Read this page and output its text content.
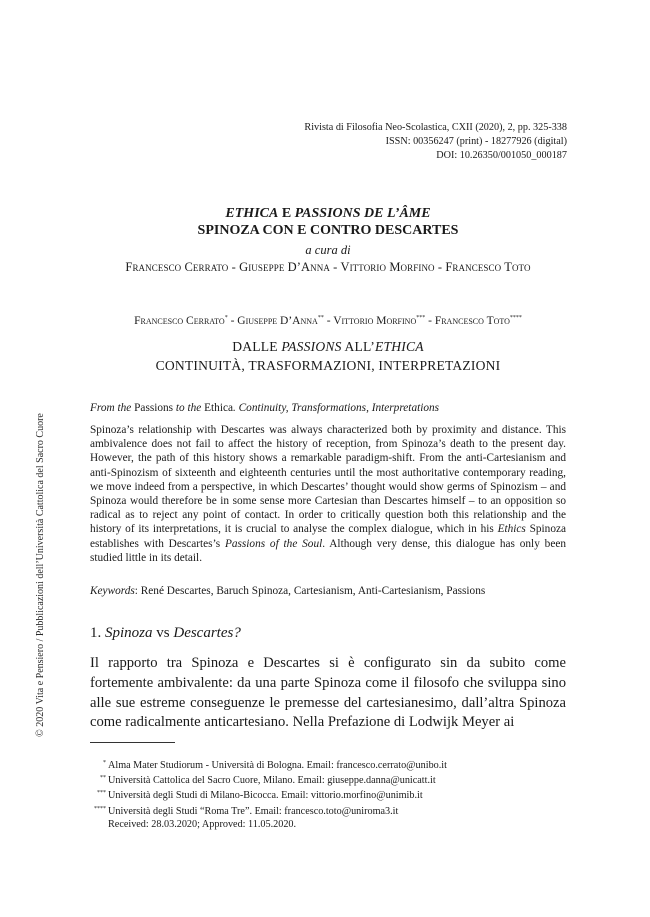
Rivista di Filosofia Neo-Scolastica, CXII (2020), 2, pp. 325-338
ISSN: 00356247 (print) - 18277926 (digital)
DOI: 10.26350/001050_000187
ETHICA E PASSIONS DE L’ÂME
SPINOZA CON E CONTRO DESCARTES
a cura di
Francesco Cerrato - Giuseppe D’Anna - Vittorio Morfino - Francesco Toto
Francesco Cerrato* - Giuseppe D’Anna** - Vittorio Morfino*** - Francesco Toto****
DALLE PASSIONS ALL’ETHICA
CONTINUITÀ, TRASFORMAZIONI, INTERPRETAZIONI
From the Passions to the Ethica. Continuity, Transformations, Interpretations

Spinoza’s relationship with Descartes was always characterized both by proximity and distance. This ambivalence does not fail to affect the history of reception, from Spinoza’s death to the present day. However, the path of this history shows a remarkable paradigm-shift. From the anti-Cartesianism and anti-Spinozism of sixteenth and eighteenth centuries until the most authoritative contemporary reading, we move indeed from a perspective, in which Descartes’ thought would show germs of Spinozism – and Spinoza would therefore be in some sense more Cartesian than Descartes himself – to an opposition so radical as to reject any point of contact. In order to critically question both this relationship and the history of its interpretations, it is crucial to analyse the complex dialogue, which in his Ethics Spinoza establishes with Descartes’s Passions of the Soul. Although very dense, this dialogue has only been studied little in its detail.

Keywords: René Descartes, Baruch Spinoza, Cartesianism, Anti-Cartesianism, Passions
1. Spinoza vs Descartes?

Il rapporto tra Spinoza e Descartes si è configurato sin da subito come fortemente ambivalente: da una parte Spinoza come il filosofo che sviluppa sino alle sue estreme conseguenze le premesse del cartesianesimo, dall’altra Spinoza come radicalmente anticartesiano. Nella Prefazione di Lodwijk Meyer ai

* Alma Mater Studiorum - Università di Bologna. Email: francesco.cerrato@unibo.it
** Università Cattolica del Sacro Cuore, Milano. Email: giuseppe.danna@unicatt.it
*** Università degli Studi di Milano-Bicocca. Email: vittorio.morfino@unimib.it
**** Università degli Studi “Roma Tre”. Email: francesco.toto@uniroma3.it
Received: 28.03.2020; Approved: 11.05.2020.
© 2020 Vita e Pensiero / Pubblicazioni dell’Università Cattolica del Sacro Cuore
